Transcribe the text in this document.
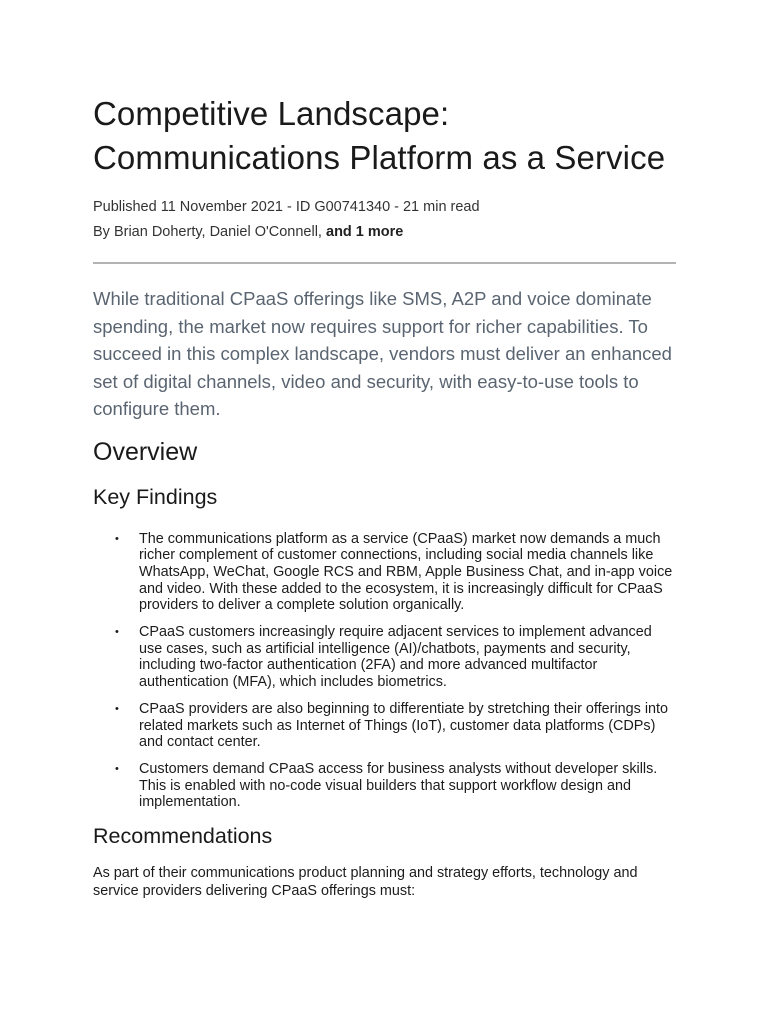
Competitive Landscape: Communications Platform as a Service
Published 11 November 2021 - ID G00741340 - 21 min read
By Brian Doherty, Daniel O'Connell, and 1 more

While traditional CPaaS offerings like SMS, A2P and voice dominate spending, the market now requires support for richer capabilities. To succeed in this complex landscape, vendors must deliver an enhanced set of digital channels, video and security, with easy-to-use tools to configure them.

Overview
Key Findings
• The communications platform as a service (CPaaS) market now demands a much richer complement of customer connections, including social media channels like WhatsApp, WeChat, Google RCS and RBM, Apple Business Chat, and in-app voice and video. With these added to the ecosystem, it is increasingly difficult for CPaaS providers to deliver a complete solution organically.
• CPaaS customers increasingly require adjacent services to implement advanced use cases, such as artificial intelligence (AI)/chatbots, payments and security, including two-factor authentication (2FA) and more advanced multifactor authentication (MFA), which includes biometrics.
• CPaaS providers are also beginning to differentiate by stretching their offerings into related markets such as Internet of Things (IoT), customer data platforms (CDPs) and contact center.
• Customers demand CPaaS access for business analysts without developer skills. This is enabled with no-code visual builders that support workflow design and implementation.
Recommendations

As part of their communications product planning and strategy efforts, technology and service providers delivering CPaaS offerings must:
